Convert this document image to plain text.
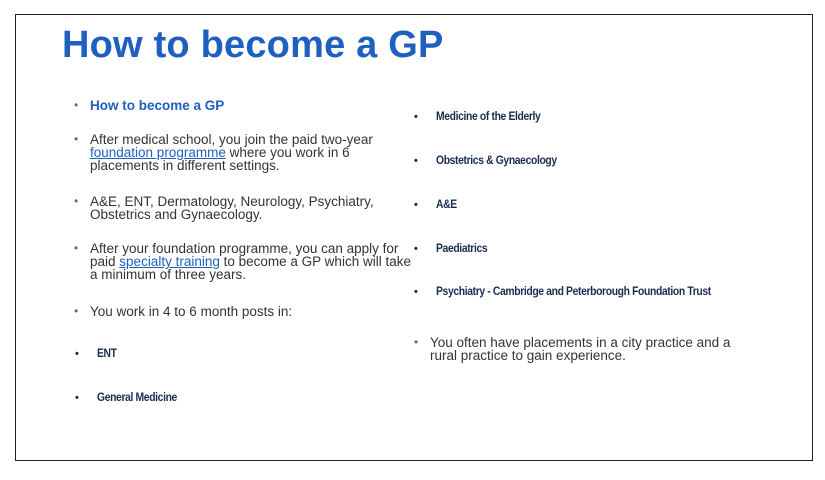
How to become a GP
• How to become a GP
• After medical school, you join the paid two-year foundation programme where you work in 6 placements in different settings.
• A&E, ENT, Dermatology, Neurology, Psychiatry, Obstetrics and Gynaecology.
• After your foundation programme, you can apply for paid specialty training to become a GP which will take a minimum of three years.
• You work in 4 to 6 month posts in:
•	ENT
•	General Medicine
•	Medicine of the Elderly
•	Obstetrics & Gynaecology
•	A&E
•	Paediatrics
•	Psychiatry - Cambridge and Peterborough Foundation Trust
• You often have placements in a city practice and a rural practice to gain experience.
